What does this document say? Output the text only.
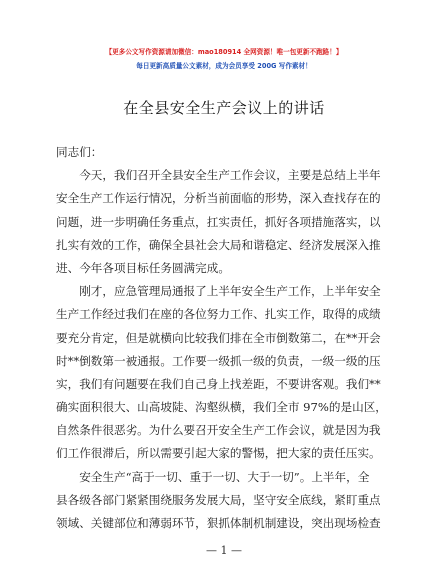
【更多公文写作资源请加微信：mao180914 全网资源！唯一包更新不跑路！】
每日更新高质量公文素材，成为会员享受 200G 写作素材！
在全县安全生产会议上的讲话
同志们：
　　今天，我们召开全县安全生产工作会议，主要是总结上半年
安全生产工作运行情况，分析当前面临的形势，深入查找存在的
问题，进一步明确任务重点，扛实责任，抓好各项措施落实，以
扎实有效的工作，确保全县社会大局和谐稳定、经济发展深入推
进、今年各项目标任务圆满完成。
　　刚才，应急管理局通报了上半年安全生产工作，上半年安全
生产工作经过我们在座的各位努力工作、扎实工作，取得的成绩
要充分肯定，但是就横向比较我们排在全市倒数第二，在**开会
时**倒数第一被通报。工作要一级抓一级的负责，一级一级的压
实，我们有问题要在我们自己身上找差距，不要讲客观。我们**
确实面积很大、山高坡陡、沟壑纵横，我们全市 97%的是山区，
自然条件很恶劣。为什么要召开安全生产工作会议，就是因为我
们工作很滞后，所以需要引起大家的警惕，把大家的责任压实。
　　安全生产“高于一切、重于一切、大于一切”。上半年，全
县各级各部门紧紧围绕服务发展大局，坚守安全底线，紧盯重点
领域、关键部位和薄弱环节，狠抓体制机制建设，突出现场检查
— 1 —
